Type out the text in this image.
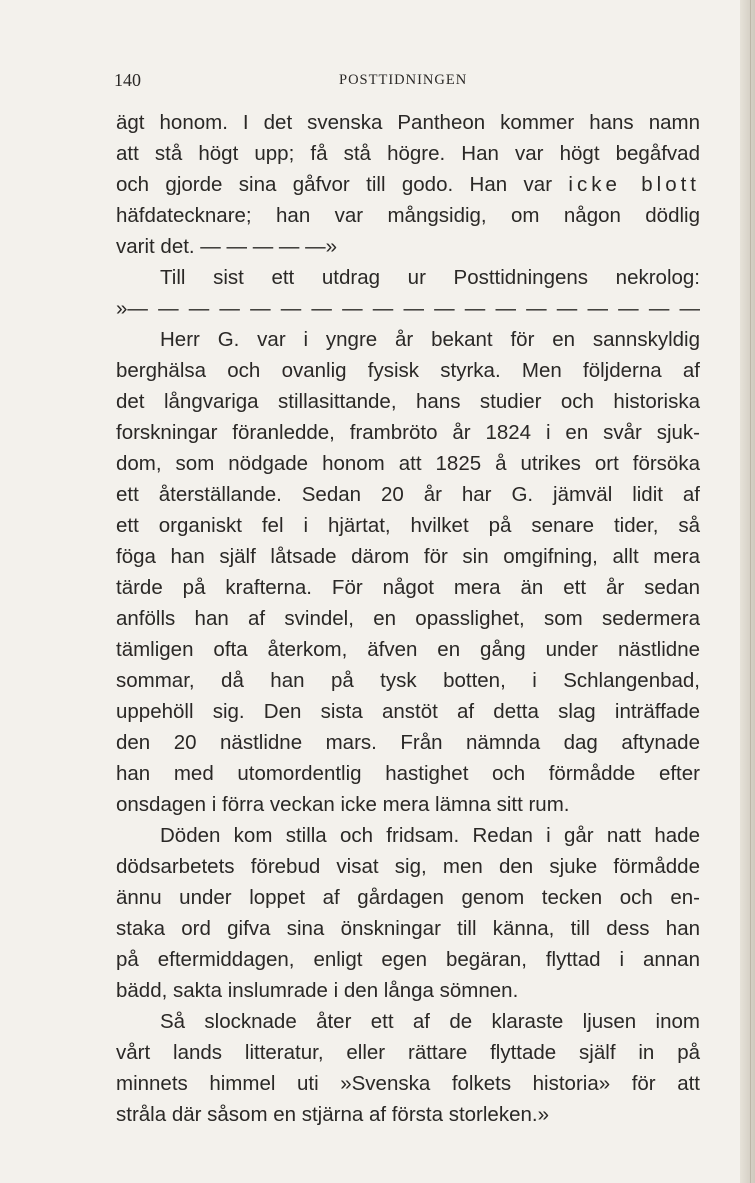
140	POSTTIDNINGEN
ägt honom. I det svenska Pantheon kommer hans namn
att stå högt upp; få stå högre. Han var högt begåfvad
och gjorde sina gåfvor till godo. Han var icke blott
häfdatecknare; han var mångsidig, om någon dödlig
varit det. — — — — —»
Till sist ett utdrag ur Posttidningens nekrolog:
»— — — — — — — — — — — — — — — — — — —
Herr G. var i yngre år bekant för en sannskyldig
berghälsa och ovanlig fysisk styrka. Men följderna af
det långvariga stillasittande, hans studier och historiska
forskningar föranledde, frambröto år 1824 i en svår sjuk-
dom, som nödgade honom att 1825 å utrikes ort försöka
ett återställande. Sedan 20 år har G. jämväl lidit af
ett organiskt fel i hjärtat, hvilket på senare tider, så
föga han själf låtsade därom för sin omgifning, allt mera
tärde på krafterna. För något mera än ett år sedan
anfölls han af svindel, en opasslighet, som sedermera
tämligen ofta återkom, äfven en gång under nästlidne
sommar, då han på tysk botten, i Schlangenbad,
uppehöll sig. Den sista anstöt af detta slag inträffade
den 20 nästlidne mars. Från nämnda dag aftynade
han med utomordentlig hastighet och förmådde efter
onsdagen i förra veckan icke mera lämna sitt rum.
Döden kom stilla och fridsam. Redan i går natt hade
dödsarbetets förebud visat sig, men den sjuke förmådde
ännu under loppet af gårdagen genom tecken och en-
staka ord gifva sina önskningar till känna, till dess han
på eftermiddagen, enligt egen begäran, flyttad i annan
bädd, sakta inslumrade i den långa sömnen.
Så slocknade åter ett af de klaraste ljusen inom
vårt lands litteratur, eller rättare flyttade själf in på
minnets himmel uti »Svenska folkets historia» för att
stråla där såsom en stjärna af första storleken.»
